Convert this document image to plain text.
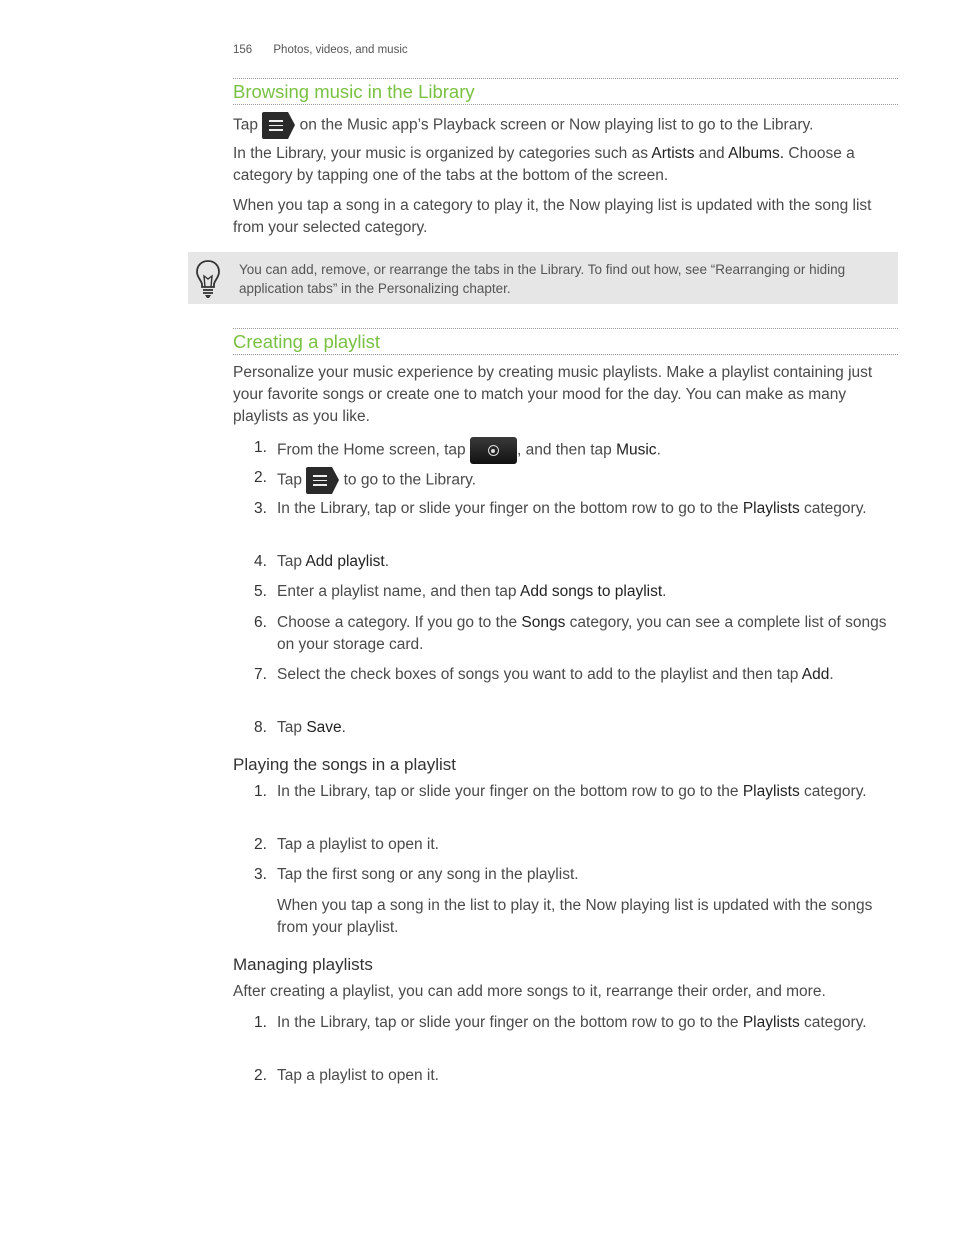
156 Photos, videos, and music
Browsing music in the Library

Tap	on the Music app’s Playback screen or Now playing list to go to the Library.

In the Library, your music is organized by categories such as Artists and Albums. Choose a category by tapping one of the tabs at the bottom of the screen.

When you tap a song in a category to play it, the Now playing list is updated with the song list from your selected category.

You can add, remove, or rearrange the tabs in the Library. To find out how, see “Rearranging or hiding application tabs” in the Personalizing chapter.
Creating a playlist

Personalize your music experience by creating music playlists. Make a playlist containing just your favorite songs or create one to match your mood for the day. You can make as many playlists as you like.

1. From the Home screen, tap	, and then tap Music.
2. Tap
to go to the Library.
3. In the Library, tap or slide your finger on the bottom row to go to the Playlists category.
4. Tap Add playlist.
5. Enter a playlist name, and then tap Add songs to playlist.
6. Choose a category. If you go to the Songs category, you can see a complete list of songs on your storage card.
7. Select the check boxes of songs you want to add to the playlist and then tap Add.
8. Tap Save.
Playing the songs in a playlist
1. In the Library, tap or slide your finger on the bottom row to go to the Playlists category.
2. Tap a playlist to open it.
3. Tap the first song or any song in the playlist.
When you tap a song in the list to play it, the Now playing list is updated with the songs from your playlist.
Managing playlists

After creating a playlist, you can add more songs to it, rearrange their order, and more.

1. In the Library, tap or slide your finger on the bottom row to go to the Playlists category.
2. Tap a playlist to open it.
